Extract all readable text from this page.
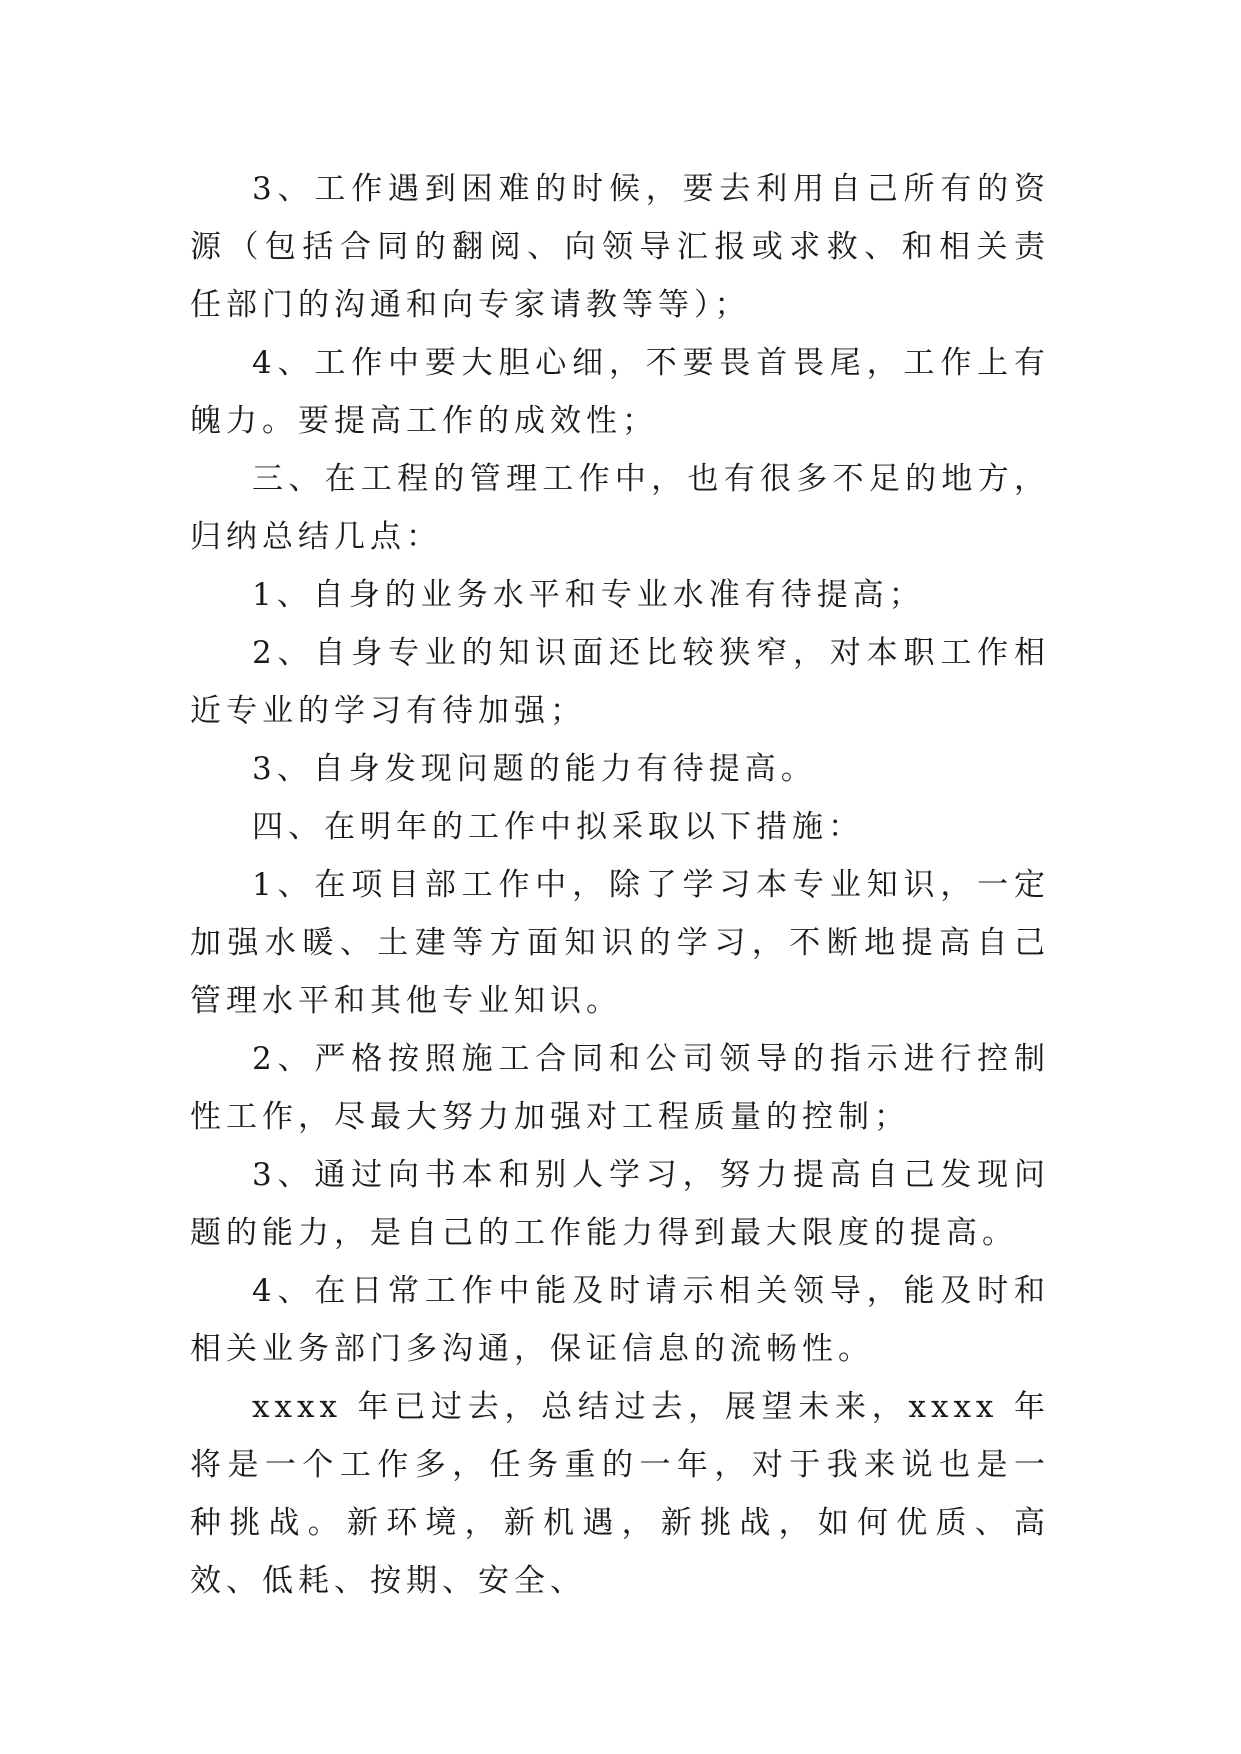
3、工作遇到困难的时候，要去利用自己所有的资源（包括合同的翻阅、向领导汇报或求救、和相关责任部门的沟通和向专家请教等等）；

4、工作中要大胆心细，不要畏首畏尾，工作上有魄力。要提高工作的成效性；

三、在工程的管理工作中，也有很多不足的地方，归纳总结几点：

1、自身的业务水平和专业水准有待提高；

2、自身专业的知识面还比较狭窄，对本职工作相近专业的学习有待加强；

3、自身发现问题的能力有待提高。

四、在明年的工作中拟采取以下措施：

1、在项目部工作中，除了学习本专业知识，一定加强水暖、土建等方面知识的学习，不断地提高自己管理水平和其他专业知识。

2、严格按照施工合同和公司领导的指示进行控制性工作，尽最大努力加强对工程质量的控制；

3、通过向书本和别人学习，努力提高自己发现问题的能力，是自己的工作能力得到最大限度的提高。

4、在日常工作中能及时请示相关领导，能及时和相关业务部门多沟通，保证信息的流畅性。

xxxx 年已过去，总结过去，展望未来，xxxx 年将是一个工作多，任务重的一年，对于我来说也是一种挑战。新环境，新机遇，新挑战，如何优质、高效、低耗、按期、安全、
